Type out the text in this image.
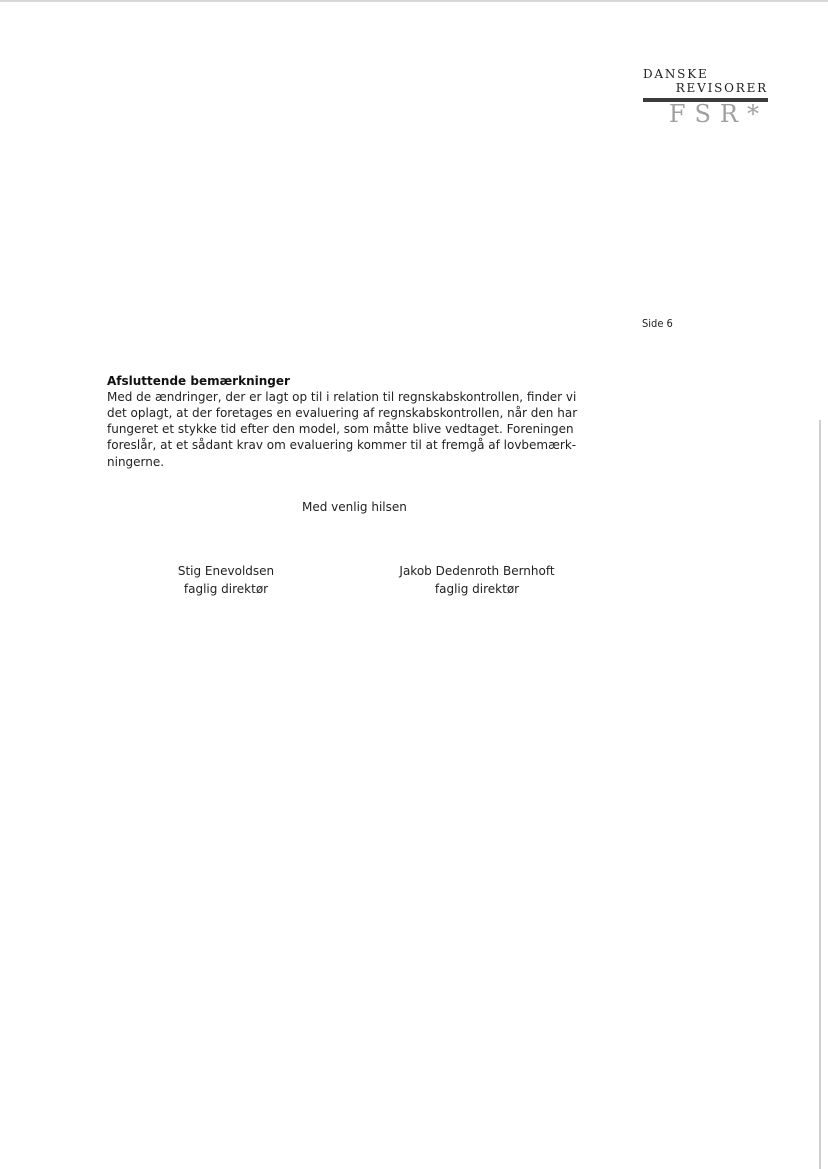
DANSKE
REVISORER
FSR*
Side 6
Afsluttende bemærkninger
Med de ændringer, der er lagt op til i relation til regnskabskontrollen, finder vi
det oplagt, at der foretages en evaluering af regnskabskontrollen, når den har
fungeret et stykke tid efter den model, som måtte blive vedtaget. Foreningen
foreslår, at et sådant krav om evaluering kommer til at fremgå af lovbemærk-
ningerne.
Med venlig hilsen
Stig Enevoldsen
faglig direktør
Jakob Dedenroth Bernhoft
faglig direktør
